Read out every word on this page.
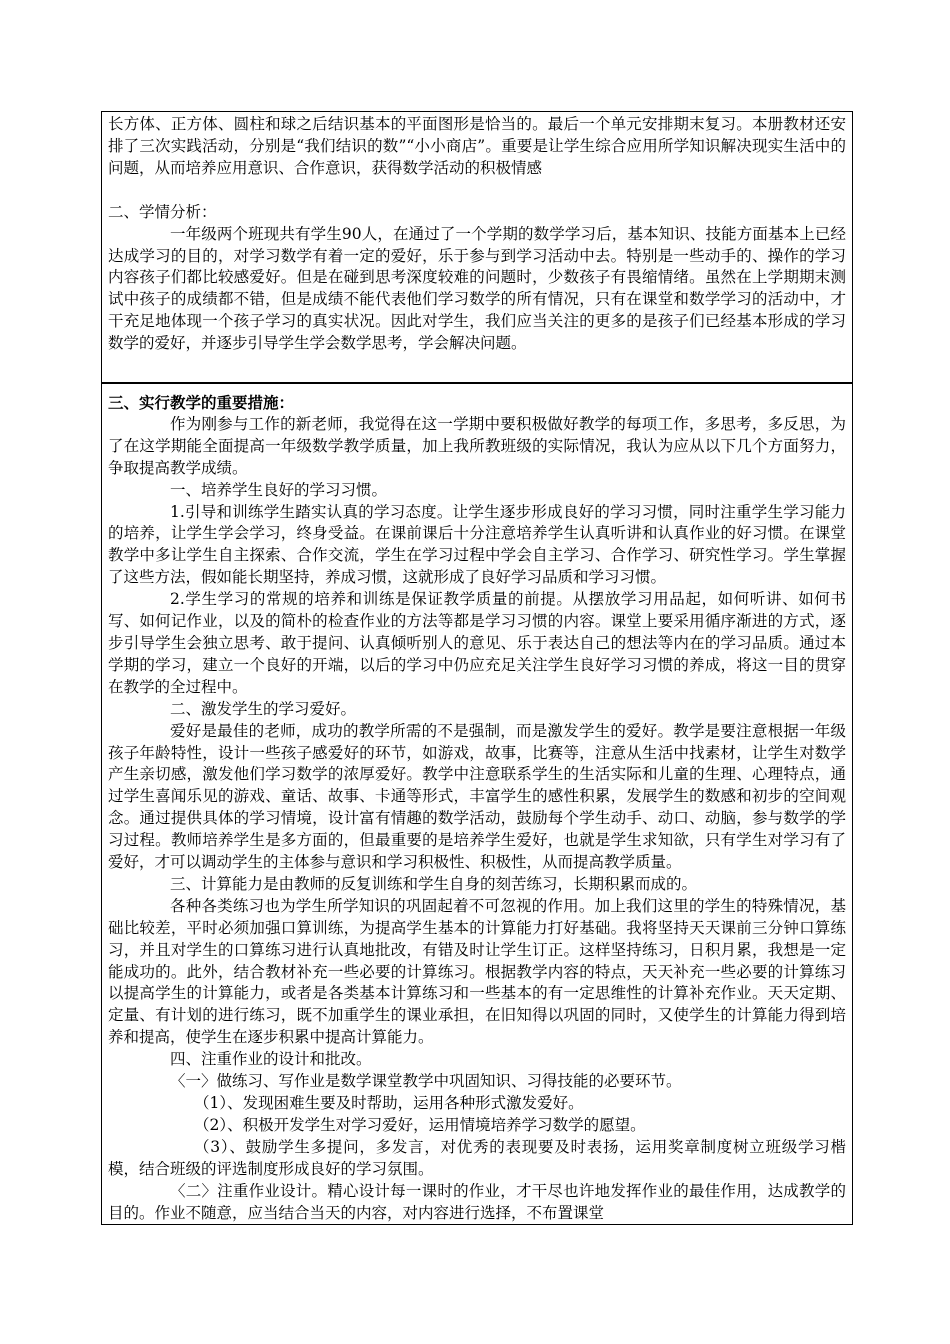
长方体、正方体、圆柱和球之后结识基本的平面图形是恰当的。最后一个单元安排期末复习。本册教材还安排了三次实践活动，分别是“我们结识的数”“小小商店”。重要是让学生综合应用所学知识解决现实生活中的问题，从而培养应用意识、合作意识，获得数学活动的积极情感

二、学情分析：

一年级两个班现共有学生90人，在通过了一个学期的数学学习后，基本知识、技能方面基本上已经达成学习的目的，对学习数学有着一定的爱好，乐于参与到学习活动中去。特别是一些动手的、操作的学习内容孩子们都比较感爱好。但是在碰到思考深度较难的问题时，少数孩子有畏缩情绪。虽然在上学期期末测试中孩子的成绩都不错，但是成绩不能代表他们学习数学的所有情况，只有在课堂和数学学习的活动中，才干充足地体现一个孩子学习的真实状况。因此对学生，我们应当关注的更多的是孩子们已经基本形成的学习数学的爱好，并逐步引导学生学会数学思考，学会解决问题。

三、实行教学的重要措施：

作为刚参与工作的新老师，我觉得在这一学期中要积极做好教学的每项工作，多思考，多反思，为了在这学期能全面提高一年级数学教学质量，加上我所教班级的实际情况，我认为应从以下几个方面努力，争取提高教学成绩。

一、培养学生良好的学习习惯。

1.引导和训练学生踏实认真的学习态度。让学生逐步形成良好的学习习惯，同时注重学生学习能力的培养，让学生学会学习，终身受益。在课前课后十分注意培养学生认真听讲和认真作业的好习惯。在课堂教学中多让学生自主探索、合作交流，学生在学习过程中学会自主学习、合作学习、研究性学习。学生掌握了这些方法，假如能长期坚持，养成习惯，这就形成了良好学习品质和学习习惯。

2.学生学习的常规的培养和训练是保证教学质量的前提。从摆放学习用品起，如何听讲、如何书写、如何记作业，以及的简朴的检查作业的方法等都是学习习惯的内容。课堂上要采用循序渐进的方式，逐步引导学生会独立思考、敢于提问、认真倾听别人的意见、乐于表达自己的想法等内在的学习品质。通过本学期的学习，建立一个良好的开端，以后的学习中仍应充足关注学生良好学习习惯的养成，将这一目的贯穿在教学的全过程中。

二、激发学生的学习爱好。

爱好是最佳的老师，成功的教学所需的不是强制，而是激发学生的爱好。教学是要注意根据一年级孩子年龄特性，设计一些孩子感爱好的环节，如游戏，故事，比赛等，注意从生活中找素材，让学生对数学产生亲切感，激发他们学习数学的浓厚爱好。教学中注意联系学生的生活实际和儿童的生理、心理特点，通过学生喜闻乐见的游戏、童话、故事、卡通等形式，丰富学生的感性积累，发展学生的数感和初步的空间观念。通过提供具体的学习情境，设计富有情趣的数学活动，鼓励每个学生动手、动口、动脑，参与数学的学习过程。教师培养学生是多方面的，但最重要的是培养学生爱好，也就是学生求知欲，只有学生对学习有了爱好，才可以调动学生的主体参与意识和学习积极性、积极性，从而提高教学质量。

三、计算能力是由教师的反复训练和学生自身的刻苦练习，长期积累而成的。

各种各类练习也为学生所学知识的巩固起着不可忽视的作用。加上我们这里的学生的特殊情况，基础比较差，平时必须加强口算训练，为提高学生基本的计算能力打好基础。我将坚持天天课前三分钟口算练习，并且对学生的口算练习进行认真地批改，有错及时让学生订正。这样坚持练习，日积月累，我想是一定能成功的。此外，结合教材补充一些必要的计算练习。根据教学内容的特点，天天补充一些必要的计算练习以提高学生的计算能力，或者是各类基本计算练习和一些基本的有一定思维性的计算补充作业。天天定期、定量、有计划的进行练习，既不加重学生的课业承担，在旧知得以巩固的同时，又使学生的计算能力得到培养和提高，使学生在逐步积累中提高计算能力。

四、注重作业的设计和批改。

〈一〉做练习、写作业是数学课堂教学中巩固知识、习得技能的必要环节。

（1）、发现困难生要及时帮助，运用各种形式激发爱好。

（2）、积极开发学生对学习爱好，运用情境培养学习数学的愿望。

（3）、鼓励学生多提问，多发言，对优秀的表现要及时表扬，运用奖章制度树立班级学习楷模，结合班级的评选制度形成良好的学习氛围。

〈二〉注重作业设计。精心设计每一课时的作业，才干尽也许地发挥作业的最佳作用，达成教学的目的。作业不随意，应当结合当天的内容，对内容进行选择，不布置课堂
